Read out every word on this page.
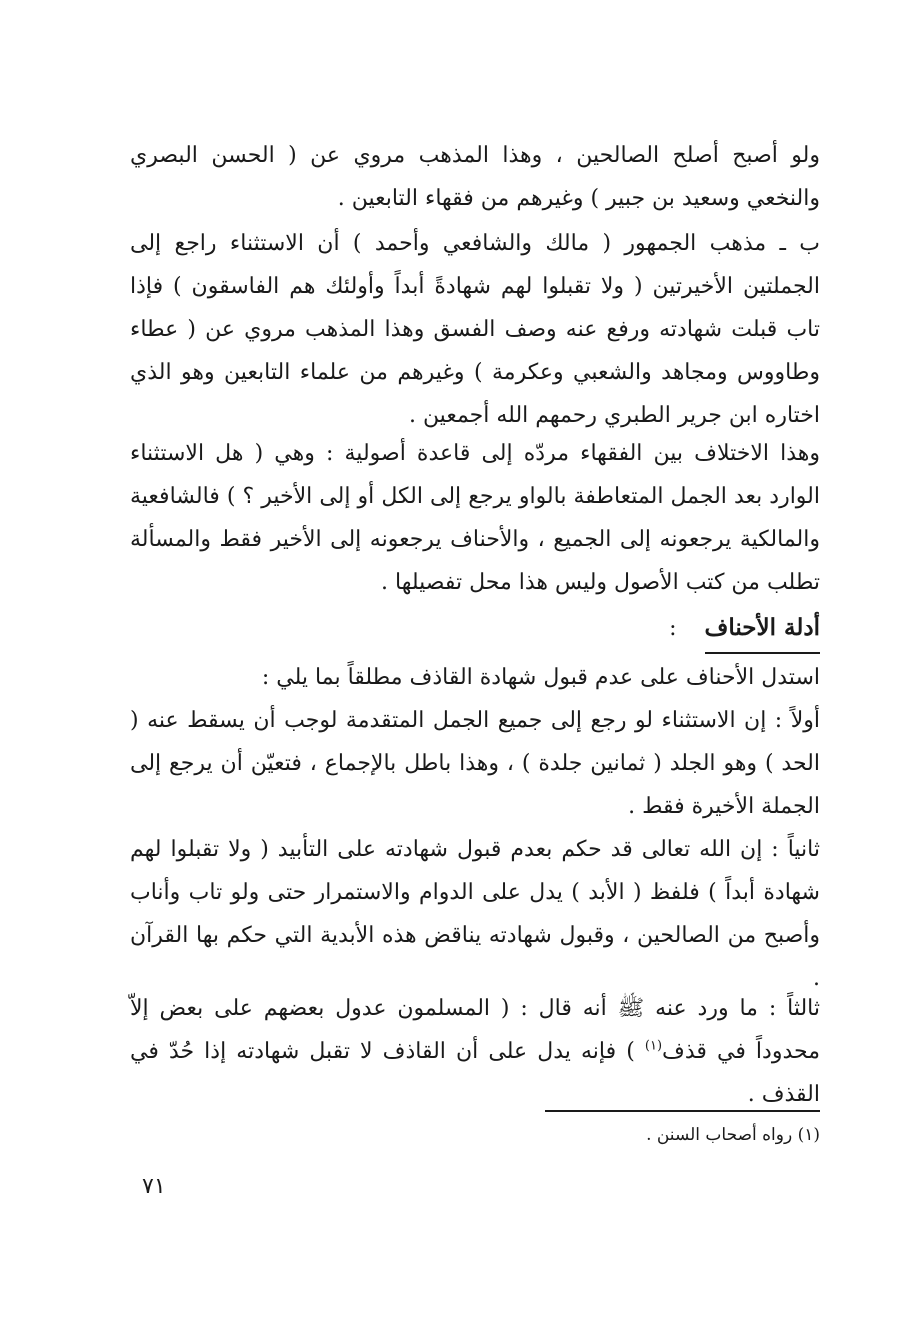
ولو أصبح أصلح الصالحين ، وهذا المذهب مروي عن ( الحسن البصري والنخعي وسعيد بن جبير ) وغيرهم من فقهاء التابعين .

ب ـ مذهب الجمهور ( مالك والشافعي وأحمد ) أن الاستثناء راجع إلى الجملتين الأخيرتين ( ولا تقبلوا لهم شهادةً أبداً وأولئك هم الفاسقون ) فإذا تاب قبلت شهادته ورفع عنه وصف الفسق وهذا المذهب مروي عن ( عطاء وطاووس ومجاهد والشعبي وعكرمة ) وغيرهم من علماء التابعين وهو الذي اختاره ابن جرير الطبري رحمهم الله أجمعين .

وهذا الاختلاف بين الفقهاء مردّه إلى قاعدة أصولية : وهي ( هل الاستثناء الوارد بعد الجمل المتعاطفة بالواو يرجع إلى الكل أو إلى الأخير ؟ ) فالشافعية والمالكية يرجعونه إلى الجميع ، والأحناف يرجعونه إلى الأخير فقط والمسألة تطلب من كتب الأصول وليس هذا محل تفصيلها .

أدلة الأحناف:

استدل الأحناف على عدم قبول شهادة القاذف مطلقاً بما يلي :

أولاً : إن الاستثناء لو رجع إلى جميع الجمل المتقدمة لوجب أن يسقط عنه ( الحد ) وهو الجلد ( ثمانين جلدة ) ، وهذا باطل بالإجماع ، فتعيّن أن يرجع إلى الجملة الأخيرة فقط .

ثانياً : إن الله تعالى قد حكم بعدم قبول شهادته على التأبيد ( ولا تقبلوا لهم شهادة أبداً ) فلفظ ( الأبد ) يدل على الدوام والاستمرار حتى ولو تاب وأناب وأصبح من الصالحين ، وقبول شهادته يناقض هذه الأبدية التي حكم بها القرآن .

ثالثاً : ما ورد عنه ﷺ أنه قال : ( المسلمون عدول بعضهم على بعض إلاّ محدوداً في قذف$^{(١)}$ ) فإنه يدل على أن القاذف لا تقبل شهادته إذا حُدّ في القذف .

(١) رواه أصحاب السنن .
٧١
